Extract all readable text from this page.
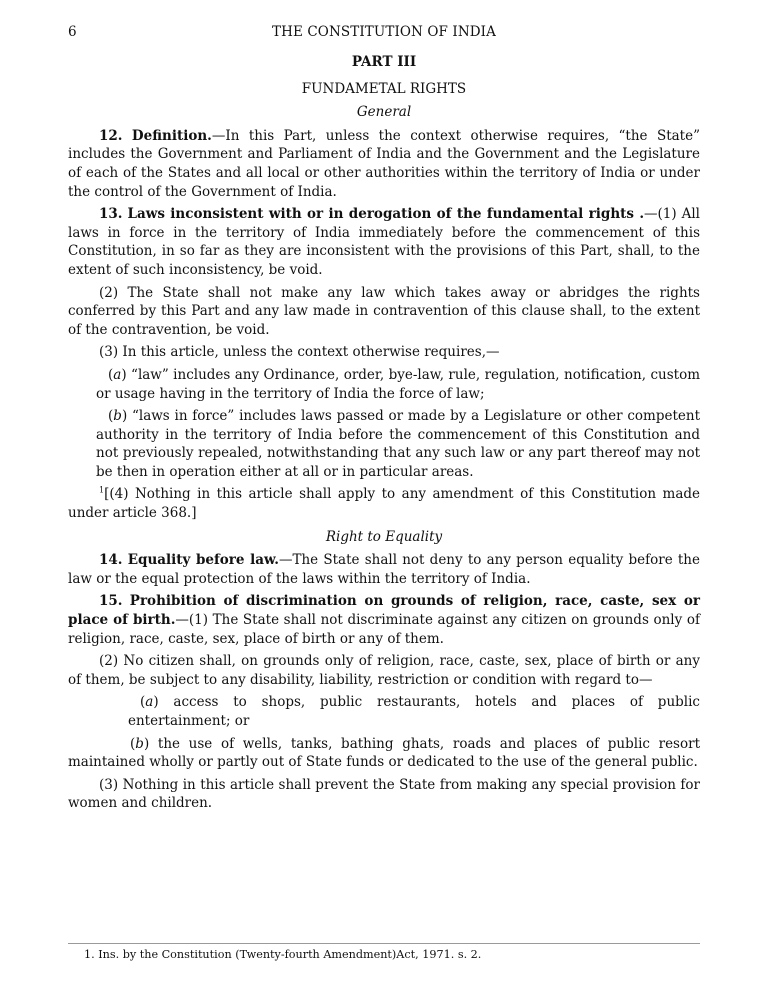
6	THE CONSTITUTION OF INDIA
PART III
FUNDAMETAL RIGHTS
General

12. Definition.—In this Part, unless the context otherwise requires, “the State” includes the Government and Parliament of India and the Government and the Legislature of each of the States and all local or other authorities within the territory of India or under the control of the Government of India.

13. Laws inconsistent with or in derogation of the fundamental rights .—(1) All laws in force in the territory of India immediately before the commencement of this Constitution, in so far as they are inconsistent with the provisions of this Part, shall, to the extent of such inconsistency, be void.

(2) The State shall not make any law which takes away or abridges the rights conferred by this Part and any law made in contravention of this clause shall, to the extent of the contravention, be void.

(3) In this article, unless the context otherwise requires,—

(a) “law” includes any Ordinance, order, bye-law, rule, regulation, notification, custom or usage having in the territory of India the force of law;

(b) “laws in force” includes laws passed or made by a Legislature or other competent authority in the territory of India before the commencement of this Constitution and not previously repealed, notwithstanding that any such law or any part thereof may not be then in operation either at all or in particular areas.

$^1$[(4) Nothing in this article shall apply to any amendment of this Constitution made under article 368.]

Right to Equality

14. Equality before law.—The State shall not deny to any person equality before the law or the equal protection of the laws within the territory of India.

15. Prohibition of discrimination on grounds of religion, race, caste, sex or place of birth.—(1) The State shall not discriminate against any citizen on grounds only of religion, race, caste, sex, place of birth or any of them.

(2) No citizen shall, on grounds only of religion, race, caste, sex, place of birth or any of them, be subject to any disability, liability, restriction or condition with regard to—

(a) access to shops, public restaurants, hotels and places of public entertainment; or

(b) the use of wells, tanks, bathing ghats, roads and places of public resort maintained wholly or partly out of State funds or dedicated to the use of the general public.

(3) Nothing in this article shall prevent the State from making any special provision for women and children.

1. Ins. by the Constitution (Twenty-fourth Amendment)Act, 1971. s. 2.
